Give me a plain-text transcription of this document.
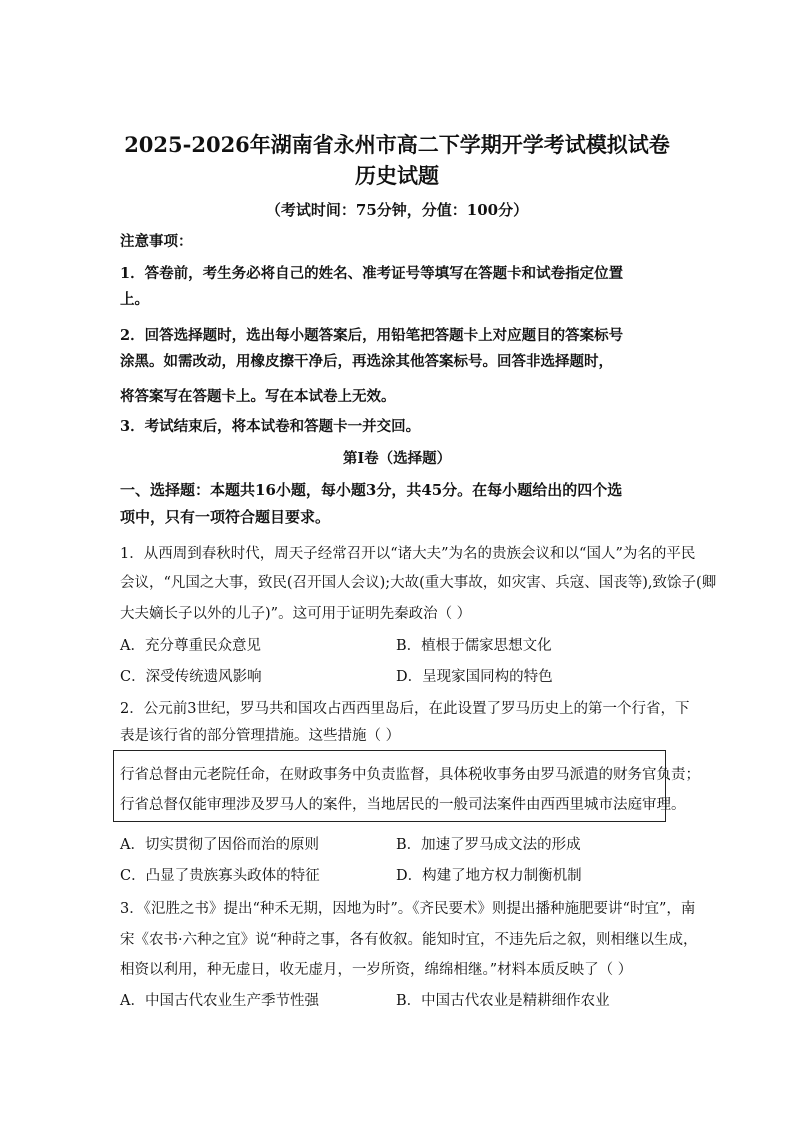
2025-2026年湖南省永州市高二下学期开学考试模拟试卷
历史试题
（考试时间：75分钟，分值：100分）
注意事项：
1．答卷前，考生务必将自己的姓名、准考证号等填写在答题卡和试卷指定位置
上。
2．回答选择题时，选出每小题答案后，用铅笔把答题卡上对应题目的答案标号
涂黑。如需改动，用橡皮擦干净后，再选涂其他答案标号。回答非选择题时，
将答案写在答题卡上。写在本试卷上无效。
3．考试结束后，将本试卷和答题卡一并交回。
第Ⅰ卷（选择题）
一、选择题：本题共16小题，每小题3分，共45分。在每小题给出的四个选
项中，只有一项符合题目要求。
1．从西周到春秋时代，周天子经常召开以“诸大夫”为名的贵族会议和以“国人”为名的平民
会议，“凡国之大事，致民(召开国人会议);大故(重大事故，如灾害、兵寇、国丧等),致馀子(卿
大夫嫡长子以外的儿子)”。这可用于证明先秦政治（ ）
A．充分尊重民众意见	B．植根于儒家思想文化
C．深受传统遗风影响	D．呈现家国同构的特色
2．公元前3世纪，罗马共和国攻占西西里岛后，在此设置了罗马历史上的第一个行省，下
表是该行省的部分管理措施。这些措施（ ）
行省总督由元老院任命，在财政事务中负责监督，具体税收事务由罗马派遣的财务官负责；
行省总督仅能审理涉及罗马人的案件，当地居民的一般司法案件由西西里城市法庭审理。
A．切实贯彻了因俗而治的原则	B．加速了罗马成文法的形成
C．凸显了贵族寡头政体的特征	D．构建了地方权力制衡机制
3．《氾胜之书》提出“种禾无期，因地为时”。《齐民要术》则提出播种施肥要讲“时宜”，南
宋《农书·六种之宜》说“种莳之事，各有攸叙。能知时宜，不违先后之叙，则相继以生成，
相资以利用，种无虚日，收无虚月，一岁所资，绵绵相继。”材料本质反映了（ ）
A．中国古代农业生产季节性强	B．中国古代农业是精耕细作农业
